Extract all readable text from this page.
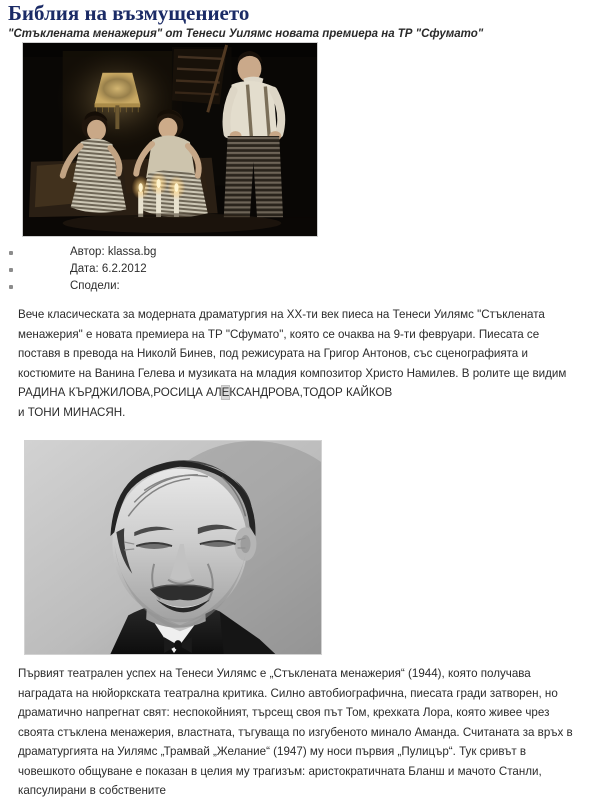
Библия на възмущението
"Стъклената менажерия" от Тенеси Уилямс новата премиера на ТР "Сфумато"
Автор: klassa.bg
Дата: 6.2.2012
Сподели:

Вече класическата за модерната драматургия на ХХ-ти век пиеса на Тенеси Уилямс "Стъклената менажерия" е новата премиера на ТР "Сфумато", която се очаква на 9-ти февруари. Пиесата се поставя в превода на Николй Бинев, под режисурата на Григор Антонов, със сценографията и костюмите на Ванина Гелева и музиката на младия композитор Христо Намилев. В ролите ще видим РАДИНА КЪРДЖИЛОВА,РОСИЦА АЛЕКСАНДРОВА,ТОДОР КАЙКОВ

и ТОНИ МИНАСЯН.

Първият театрален успех на Тенеси Уилямс е „Стъклената менажерия“ (1944), която получава наградата на нюйоркската театрална критика. Силно автобиографична, пиесата гради затворен, но драматично напрегнат свят: неспокойният, търсещ своя път Том, крехката Лора, която живее чрез своята стъклена менажерия, властната, тъгуваща по изгубеното минало Аманда. Считаната за връх в драматургията на Уилямс „Трамвай „Желание“ (1947) му носи първия „Пулицър“. Тук сривът в човешкото общуване е показан в целия му трагизъм: аристократичната Бланш и мачото Станли, капсулирани в собствените
